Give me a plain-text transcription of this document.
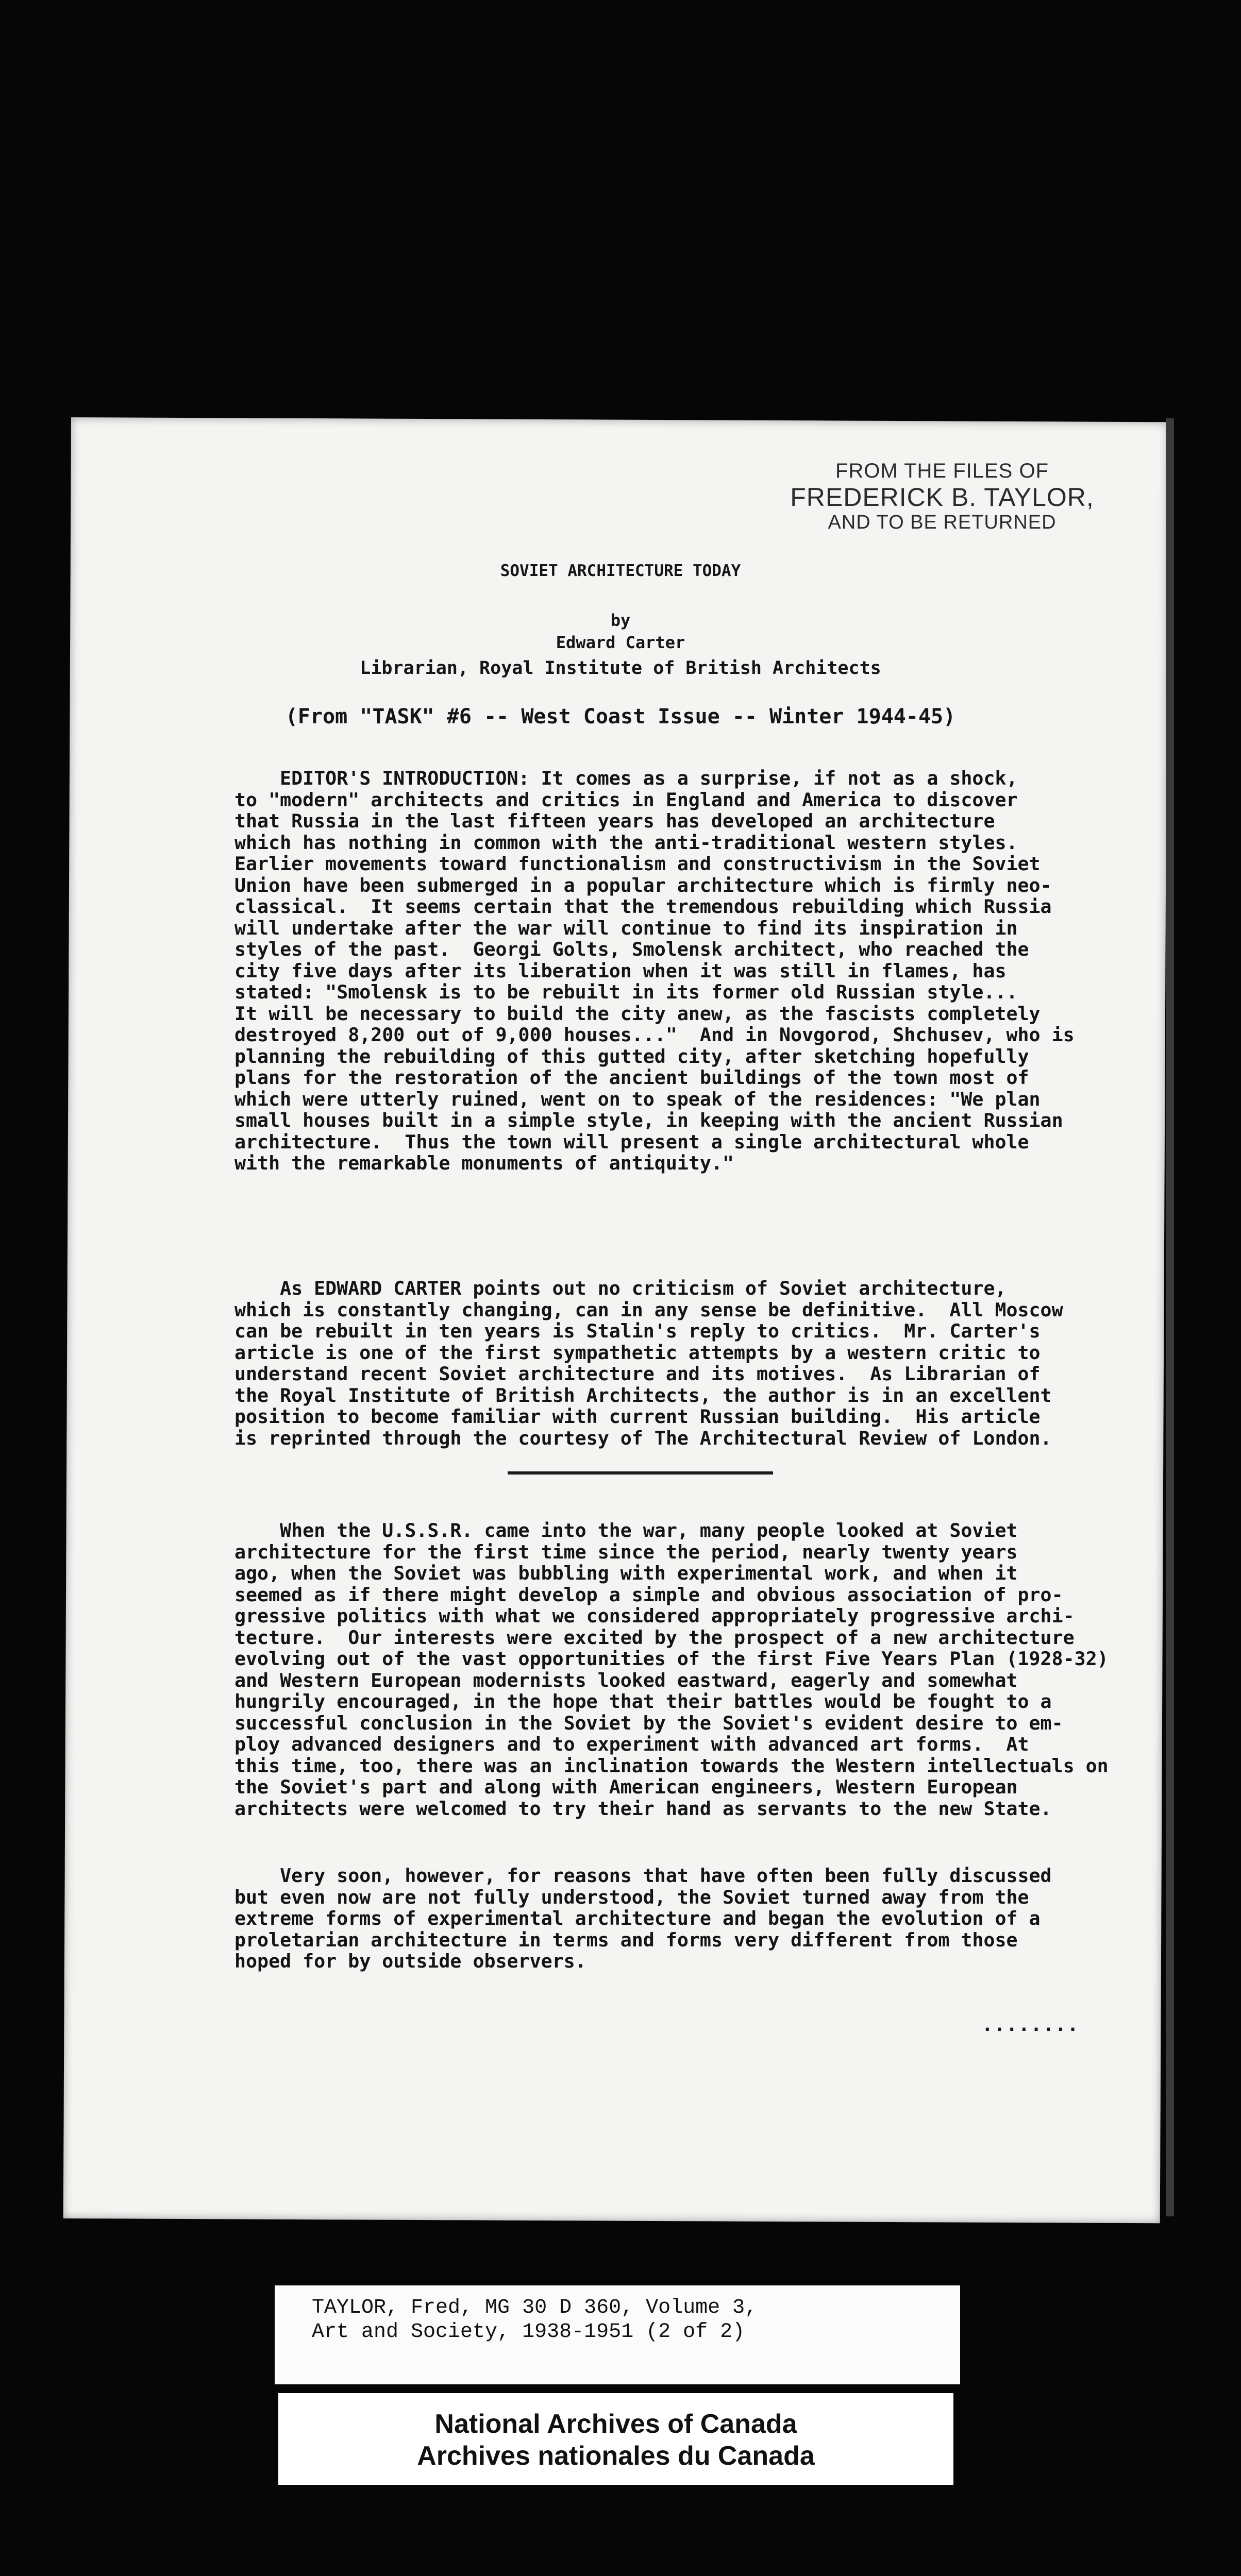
FROM THE FILES OF
FREDERICK B. TAYLOR,
AND TO BE RETURNED
SOVIET ARCHITECTURE TODAY
by
Edward Carter
Librarian, Royal Institute of British Architects
(From "TASK" #6 -- West Coast Issue -- Winter 1944-45)
EDITOR'S INTRODUCTION: It comes as a surprise, if not as a shock,
to "modern" architects and critics in England and America to discover
that Russia in the last fifteen years has developed an architecture
which has nothing in common with the anti-traditional western styles.
Earlier movements toward functionalism and constructivism in the Soviet
Union have been submerged in a popular architecture which is firmly neo-
classical.  It seems certain that the tremendous rebuilding which Russia
will undertake after the war will continue to find its inspiration in
styles of the past.  Georgi Golts, Smolensk architect, who reached the
city five days after its liberation when it was still in flames, has
stated: "Smolensk is to be rebuilt in its former old Russian style...
It will be necessary to build the city anew, as the fascists completely
destroyed 8,200 out of 9,000 houses..."  And in Novgorod, Shchusev, who is
planning the rebuilding of this gutted city, after sketching hopefully
plans for the restoration of the ancient buildings of the town most of
which were utterly ruined, went on to speak of the residences: "We plan
small houses built in a simple style, in keeping with the ancient Russian
architecture.  Thus the town will present a single architectural whole
with the remarkable monuments of antiquity."
As EDWARD CARTER points out no criticism of Soviet architecture,
which is constantly changing, can in any sense be definitive.  All Moscow
can be rebuilt in ten years is Stalin's reply to critics.  Mr. Carter's
article is one of the first sympathetic attempts by a western critic to
understand recent Soviet architecture and its motives.  As Librarian of
the Royal Institute of British Architects, the author is in an excellent
position to become familiar with current Russian building.  His article
is reprinted through the courtesy of The Architectural Review of London.
When the U.S.S.R. came into the war, many people looked at Soviet
architecture for the first time since the period, nearly twenty years
ago, when the Soviet was bubbling with experimental work, and when it
seemed as if there might develop a simple and obvious association of pro-
gressive politics with what we considered appropriately progressive archi-
tecture.  Our interests were excited by the prospect of a new architecture
evolving out of the vast opportunities of the first Five Years Plan (1928-32)
and Western European modernists looked eastward, eagerly and somewhat
hungrily encouraged, in the hope that their battles would be fought to a
successful conclusion in the Soviet by the Soviet's evident desire to em-
ploy advanced designers and to experiment with advanced art forms.  At
this time, too, there was an inclination towards the Western intellectuals on
the Soviet's part and along with American engineers, Western European
architects were welcomed to try their hand as servants to the new State.
Very soon, however, for reasons that have often been fully discussed
but even now are not fully understood, the Soviet turned away from the
extreme forms of experimental architecture and began the evolution of a
proletarian architecture in terms and forms very different from those
hoped for by outside observers.
........
TAYLOR, Fred, MG 30 D 360, Volume 3,
Art and Society, 1938-1951 (2 of 2)
National Archives of Canada
Archives nationales du Canada
